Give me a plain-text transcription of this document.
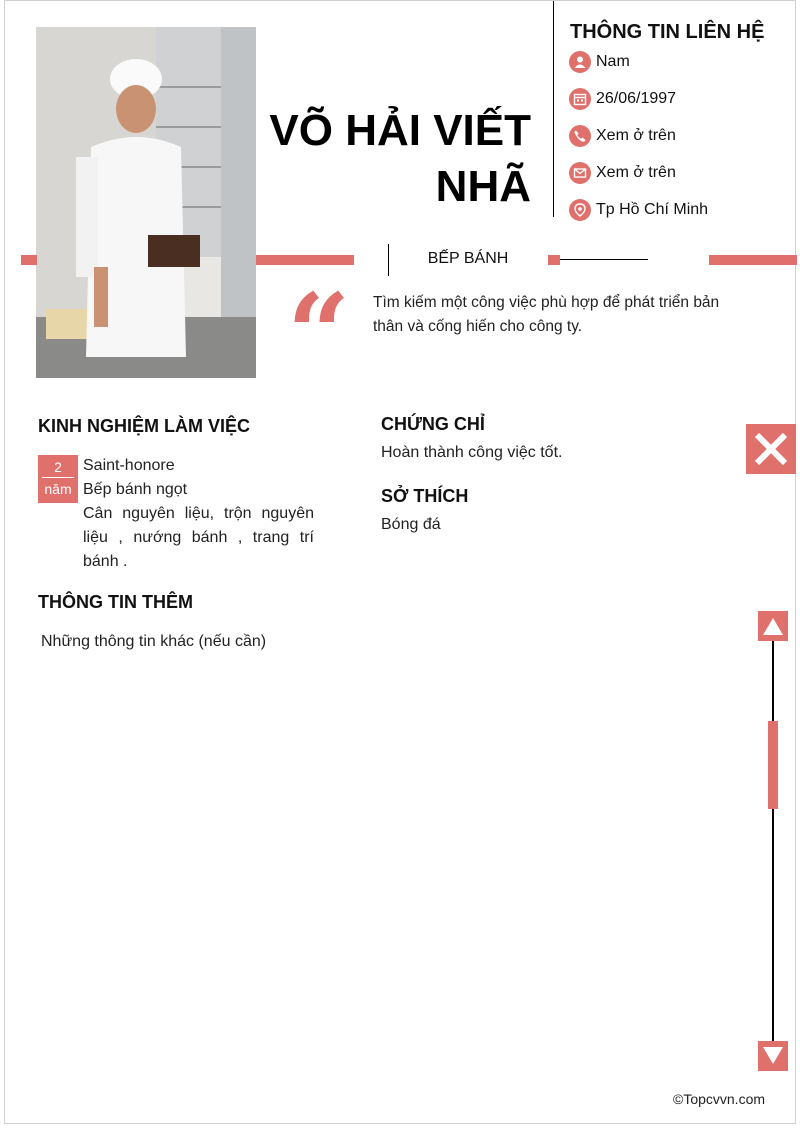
VÕ HẢI VIẾT NHÃ
THÔNG TIN LIÊN HỆ
Nam
26/06/1997
Xem ở trên
Xem ở trên
Tp Hồ Chí Minh
BẾP BÁNH
“ Tìm kiếm một công việc phù hợp để phát triển bản thân và cống hiến cho công ty.
KINH NGHIỆM LÀM VIỆC
2
năm
Saint-honore
Bếp bánh ngọt
Cân nguyên liệu, trộn nguyên liệu , nướng bánh , trang trí bánh .
THÔNG TIN THÊM
Những thông tin khác (nếu cần)
CHỨNG CHỈ
Hoàn thành công việc tốt.
SỞ THÍCH
Bóng đá
©Topcvvn.com
